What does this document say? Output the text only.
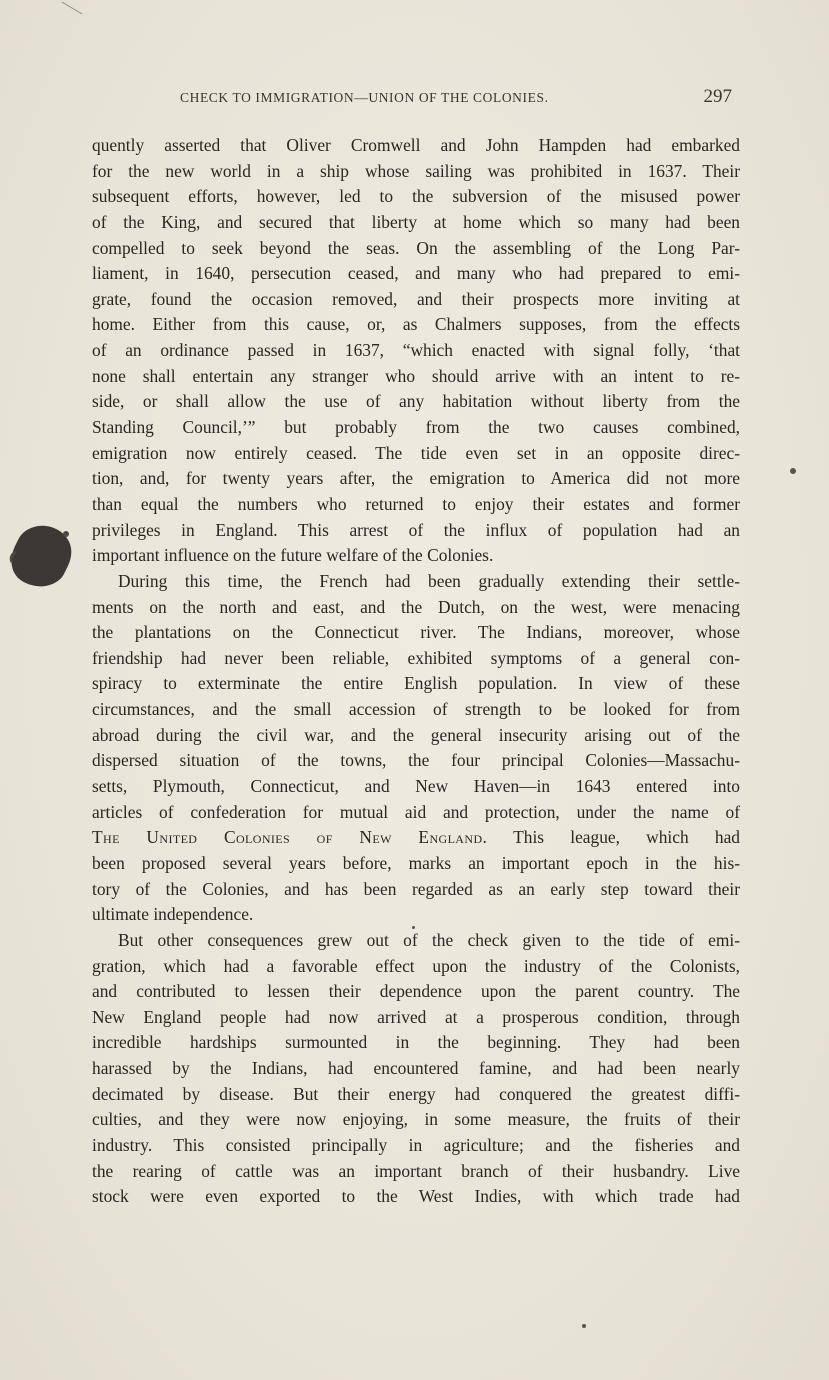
CHECK TO IMMIGRATION—UNION OF THE COLONIES.	297
quently asserted that Oliver Cromwell and John Hampden had embarked
for the new world in a ship whose sailing was prohibited in 1637. Their
subsequent efforts, however, led to the subversion of the misused power
of the King, and secured that liberty at home which so many had been
compelled to seek beyond the seas. On the assembling of the Long Par-
liament, in 1640, persecution ceased, and many who had prepared to emi-
grate, found the occasion removed, and their prospects more inviting at
home. Either from this cause, or, as Chalmers supposes, from the effects
of an ordinance passed in 1637, “which enacted with signal folly, ‘that
none shall entertain any stranger who should arrive with an intent to re-
side, or shall allow the use of any habitation without liberty from the
Standing Council,’” but probably from the two causes combined,
emigration now entirely ceased. The tide even set in an opposite direc-
tion, and, for twenty years after, the emigration to America did not more
than equal the numbers who returned to enjoy their estates and former
privileges in England. This arrest of the influx of population had an
important influence on the future welfare of the Colonies.
During this time, the French had been gradually extending their settle-
ments on the north and east, and the Dutch, on the west, were menacing
the plantations on the Connecticut river. The Indians, moreover, whose
friendship had never been reliable, exhibited symptoms of a general con-
spiracy to exterminate the entire English population. In view of these
circumstances, and the small accession of strength to be looked for from
abroad during the civil war, and the general insecurity arising out of the
dispersed situation of the towns, the four principal Colonies—Massachu-
setts, Plymouth, Connecticut, and New Haven—in 1643 entered into
articles of confederation for mutual aid and protection, under the name of
The United Colonies of New England. This league, which had
been proposed several years before, marks an important epoch in the his-
tory of the Colonies, and has been regarded as an early step toward their
ultimate independence.
But other consequences grew out of the check given to the tide of emi-
gration, which had a favorable effect upon the industry of the Colonists,
and contributed to lessen their dependence upon the parent country. The
New England people had now arrived at a prosperous condition, through
incredible hardships surmounted in the beginning. They had been
harassed by the Indians, had encountered famine, and had been nearly
decimated by disease. But their energy had conquered the greatest diffi-
culties, and they were now enjoying, in some measure, the fruits of their
industry. This consisted principally in agriculture; and the fisheries and
the rearing of cattle was an important branch of their husbandry. Live
stock were even exported to the West Indies, with which trade had
